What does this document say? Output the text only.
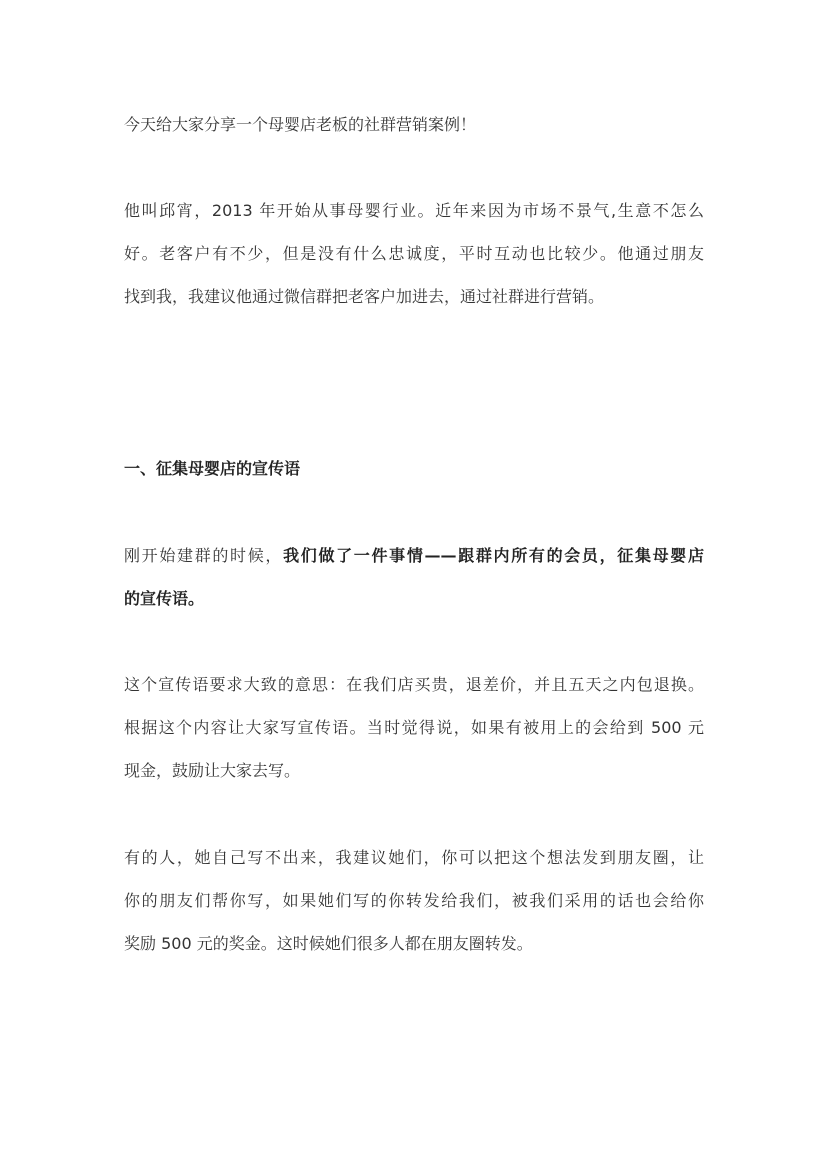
今天给大家分享一个母婴店老板的社群营销案例！
他叫邱宵，2013 年开始从事母婴行业。近年来因为市场不景气,生意不怎么
好。老客户有不少，但是没有什么忠诚度，平时互动也比较少。他通过朋友
找到我，我建议他通过微信群把老客户加进去，通过社群进行营销。
一、征集母婴店的宣传语
刚开始建群的时候，我们做了一件事情——跟群内所有的会员，征集母婴店
的宣传语。
这个宣传语要求大致的意思：在我们店买贵，退差价，并且五天之内包退换。
根据这个内容让大家写宣传语。当时觉得说，如果有被用上的会给到 500 元
现金，鼓励让大家去写。
有的人，她自己写不出来，我建议她们，你可以把这个想法发到朋友圈，让
你的朋友们帮你写，如果她们写的你转发给我们，被我们采用的话也会给你
奖励 500 元的奖金。这时候她们很多人都在朋友圈转发。
